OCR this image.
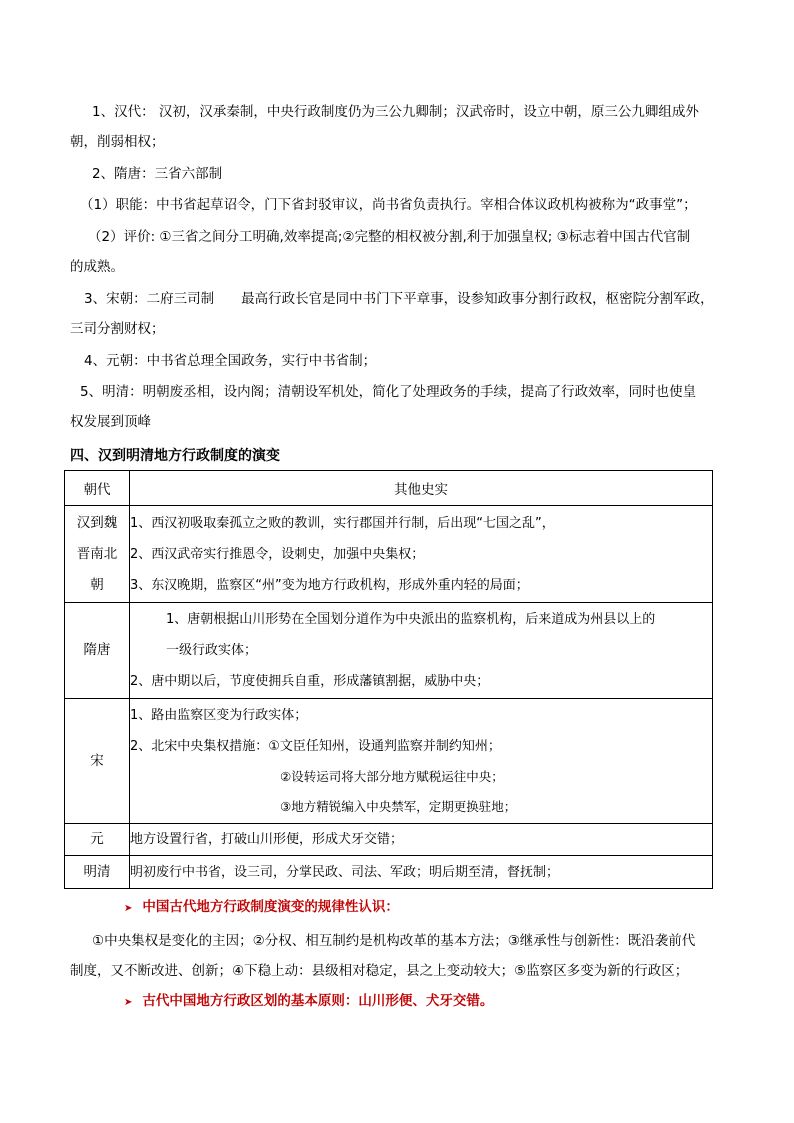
1、汉代： 汉初，汉承秦制，中央行政制度仍为三公九卿制；汉武帝时，设立中朝，原三公九卿组成外
朝，削弱相权；
2、隋唐：三省六部制
（1）职能：中书省起草诏令，门下省封驳审议，尚书省负责执行。宰相合体议政机构被称为“政事堂”；
（2）评价: ①三省之间分工明确,效率提高;②完整的相权被分割,利于加强皇权; ③标志着中国古代官制
的成熟。
3、宋朝：二府三司制　　最高行政长官是同中书门下平章事，设参知政事分割行政权，枢密院分割军政，
三司分割财权；
4、元朝：中书省总理全国政务，实行中书省制；
5、明清：明朝废丞相，设内阁；清朝设军机处，简化了处理政务的手续，提高了行政效率，同时也使皇
权发展到顶峰
四、汉到明清地方行政制度的演变
朝代	其他史实

汉到魏晋南北朝	1、西汉初吸取秦孤立之败的教训，实行郡国并行制，后出现“七国之乱”，
2、西汉武帝实行推恩令，设刺史，加强中央集权；
3、东汉晚期，监察区“州”变为地方行政机构，形成外重内轻的局面；

隋唐	1、唐朝根据山川形势在全国划分道作为中央派出的监察机构，后来道成为州县以上的
一级行政实体；
2、唐中期以后，节度使拥兵自重，形成藩镇割据，威胁中央；

宋	1、路由监察区变为行政实体；
2、北宋中央集权措施：①文臣任知州，设通判监察并制约知州；
②设转运司将大部分地方赋税运往中央；
③地方精锐编入中央禁军，定期更换驻地；

元	地方设置行省，打破山川形便，形成犬牙交错；

明清	明初废行中书省，设三司，分掌民政、司法、军政；明后期至清，督抚制；
➤ 中国古代地方行政制度演变的规律性认识：
①中央集权是变化的主因；②分权、相互制约是机构改革的基本方法；③继承性与创新性：既沿袭前代
制度，又不断改进、创新；④下稳上动：县级相对稳定，县之上变动较大；⑤监察区多变为新的行政区；
➤ 古代中国地方行政区划的基本原则：山川形便、犬牙交错。
